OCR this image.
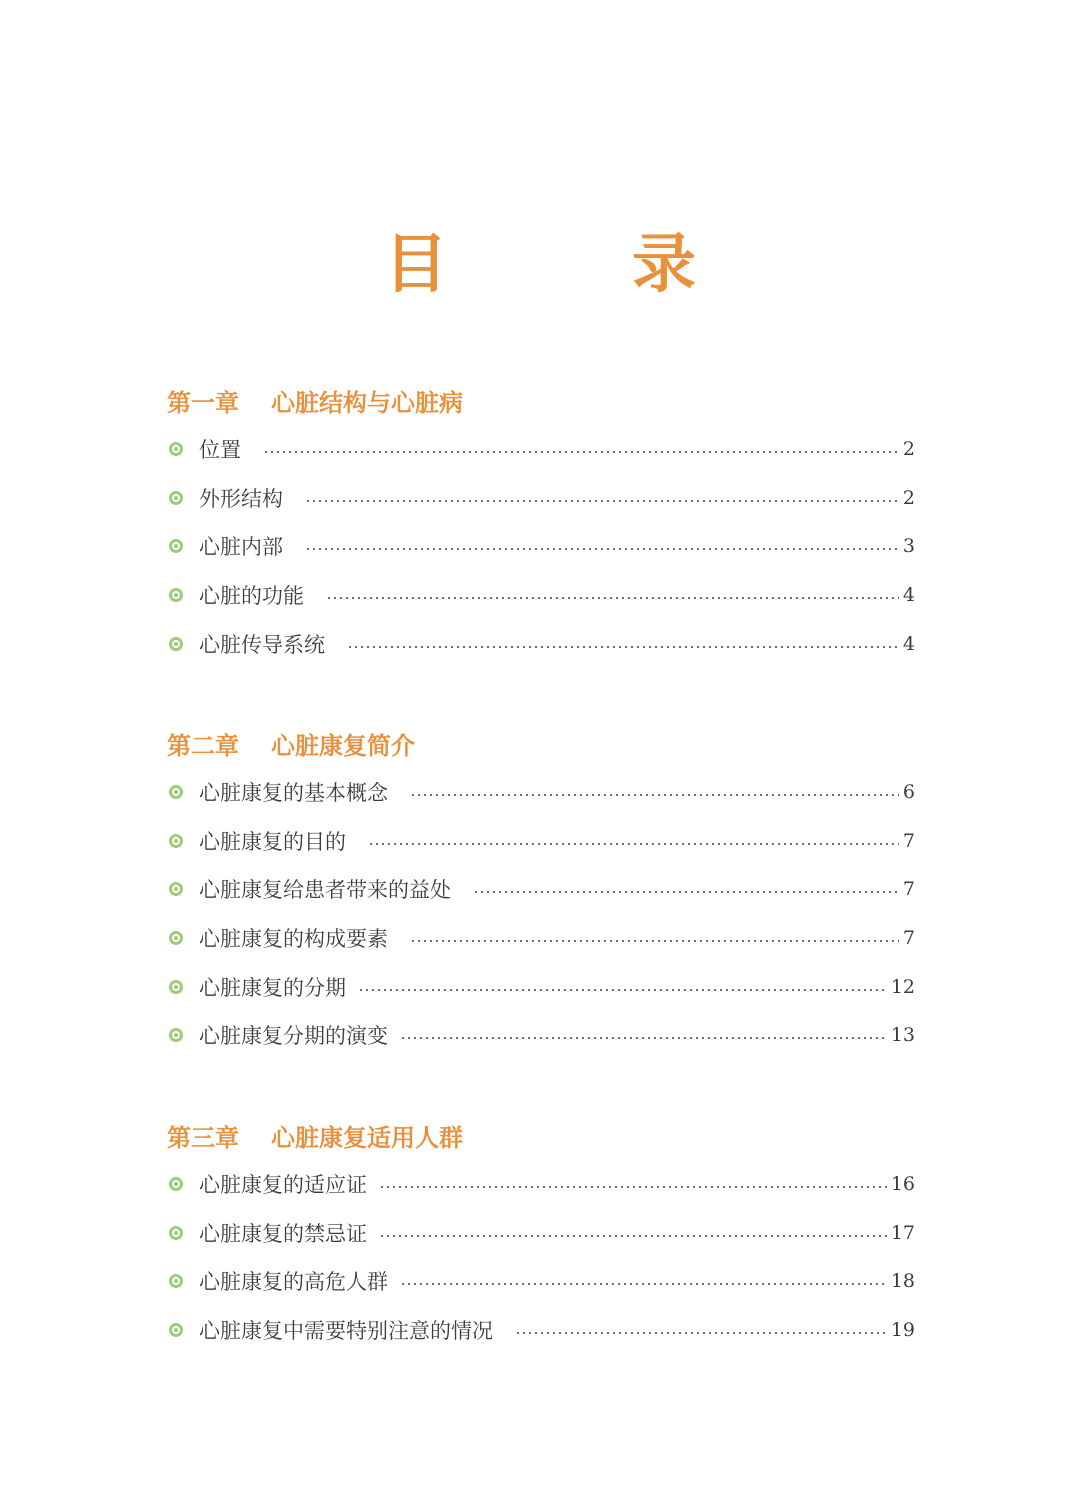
目　录
第一章	心脏结构与心脏病
位置	2
外形结构	2
心脏内部	3
心脏的功能	4
心脏传导系统	4
第二章	心脏康复简介
心脏康复的基本概念	6
心脏康复的目的	7
心脏康复给患者带来的益处	7
心脏康复的构成要素	7
心脏康复的分期	12
心脏康复分期的演变	13
第三章	心脏康复适用人群
心脏康复的适应证	16
心脏康复的禁忌证	17
心脏康复的高危人群	18
心脏康复中需要特别注意的情况	19
